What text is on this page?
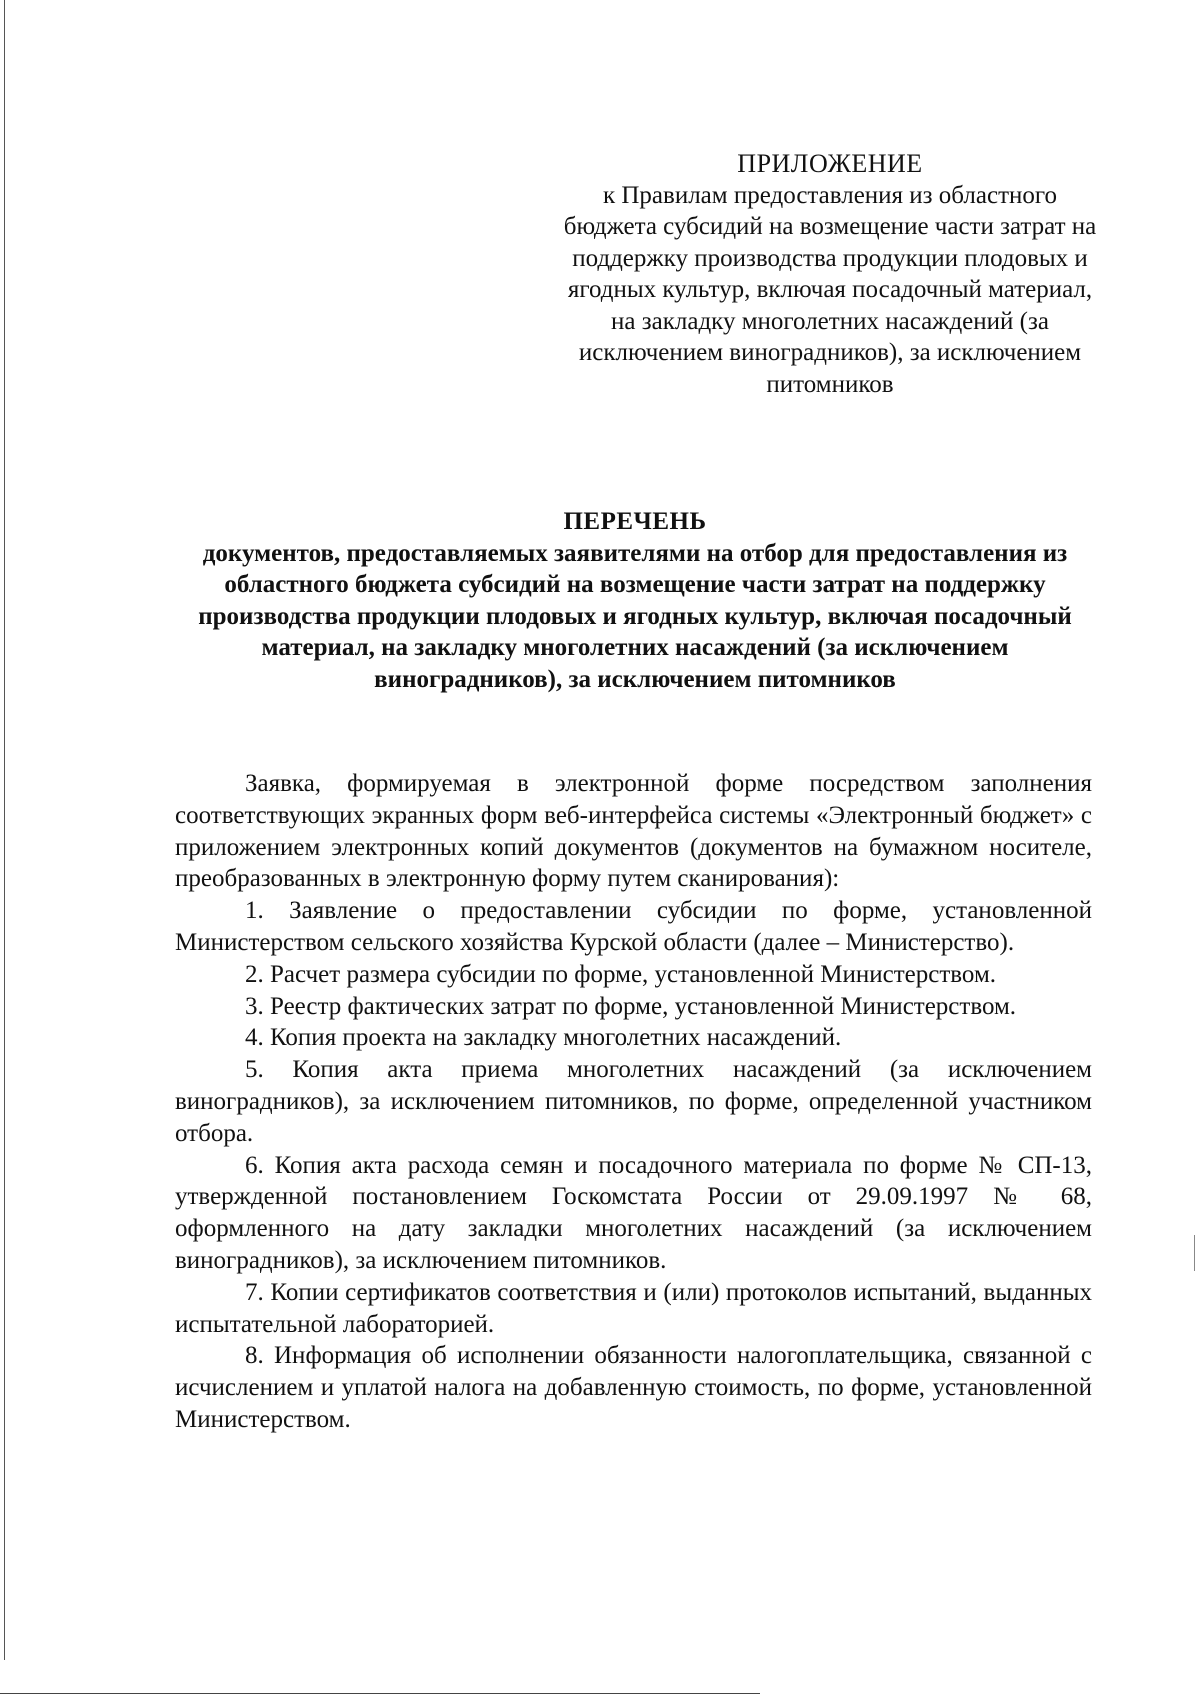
ПРИЛОЖЕНИЕ
к Правилам предоставления из областного бюджета субсидий на возмещение части затрат на поддержку производства продукции плодовых и ягодных культур, включая посадочный материал, на закладку многолетних насаждений (за исключением виноградников), за исключением питомников
ПЕРЕЧЕНЬ
документов, предоставляемых заявителями на отбор для предоставления из областного бюджета субсидий на возмещение части затрат на поддержку производства продукции плодовых и ягодных культур, включая посадочный материал, на закладку многолетних насаждений (за исключением виноградников), за исключением питомников

Заявка, формируемая в электронной форме посредством заполнения соответствующих экранных форм веб-интерфейса системы «Электронный бюджет» с приложением электронных копий документов (документов на бумажном носителе, преобразованных в электронную форму путем сканирования):

1. Заявление о предоставлении субсидии по форме, установленной Министерством сельского хозяйства Курской области (далее – Министерство).

2. Расчет размера субсидии по форме, установленной Министерством.

3. Реестр фактических затрат по форме, установленной Министерством.

4. Копия проекта на закладку многолетних насаждений.

5. Копия акта приема многолетних насаждений (за исключением виноградников), за исключением питомников, по форме, определенной участником отбора.

6. Копия акта расхода семян и посадочного материала по форме № СП-13, утвержденной постановлением Госкомстата России от 29.09.1997 № 68, оформленного на дату закладки многолетних насаждений (за исключением виноградников), за исключением питомников.

7. Копии сертификатов соответствия и (или) протоколов испытаний, выданных испытательной лабораторией.

8. Информация об исполнении обязанности налогоплательщика, связанной с исчислением и уплатой налога на добавленную стоимость, по форме, установленной Министерством.
